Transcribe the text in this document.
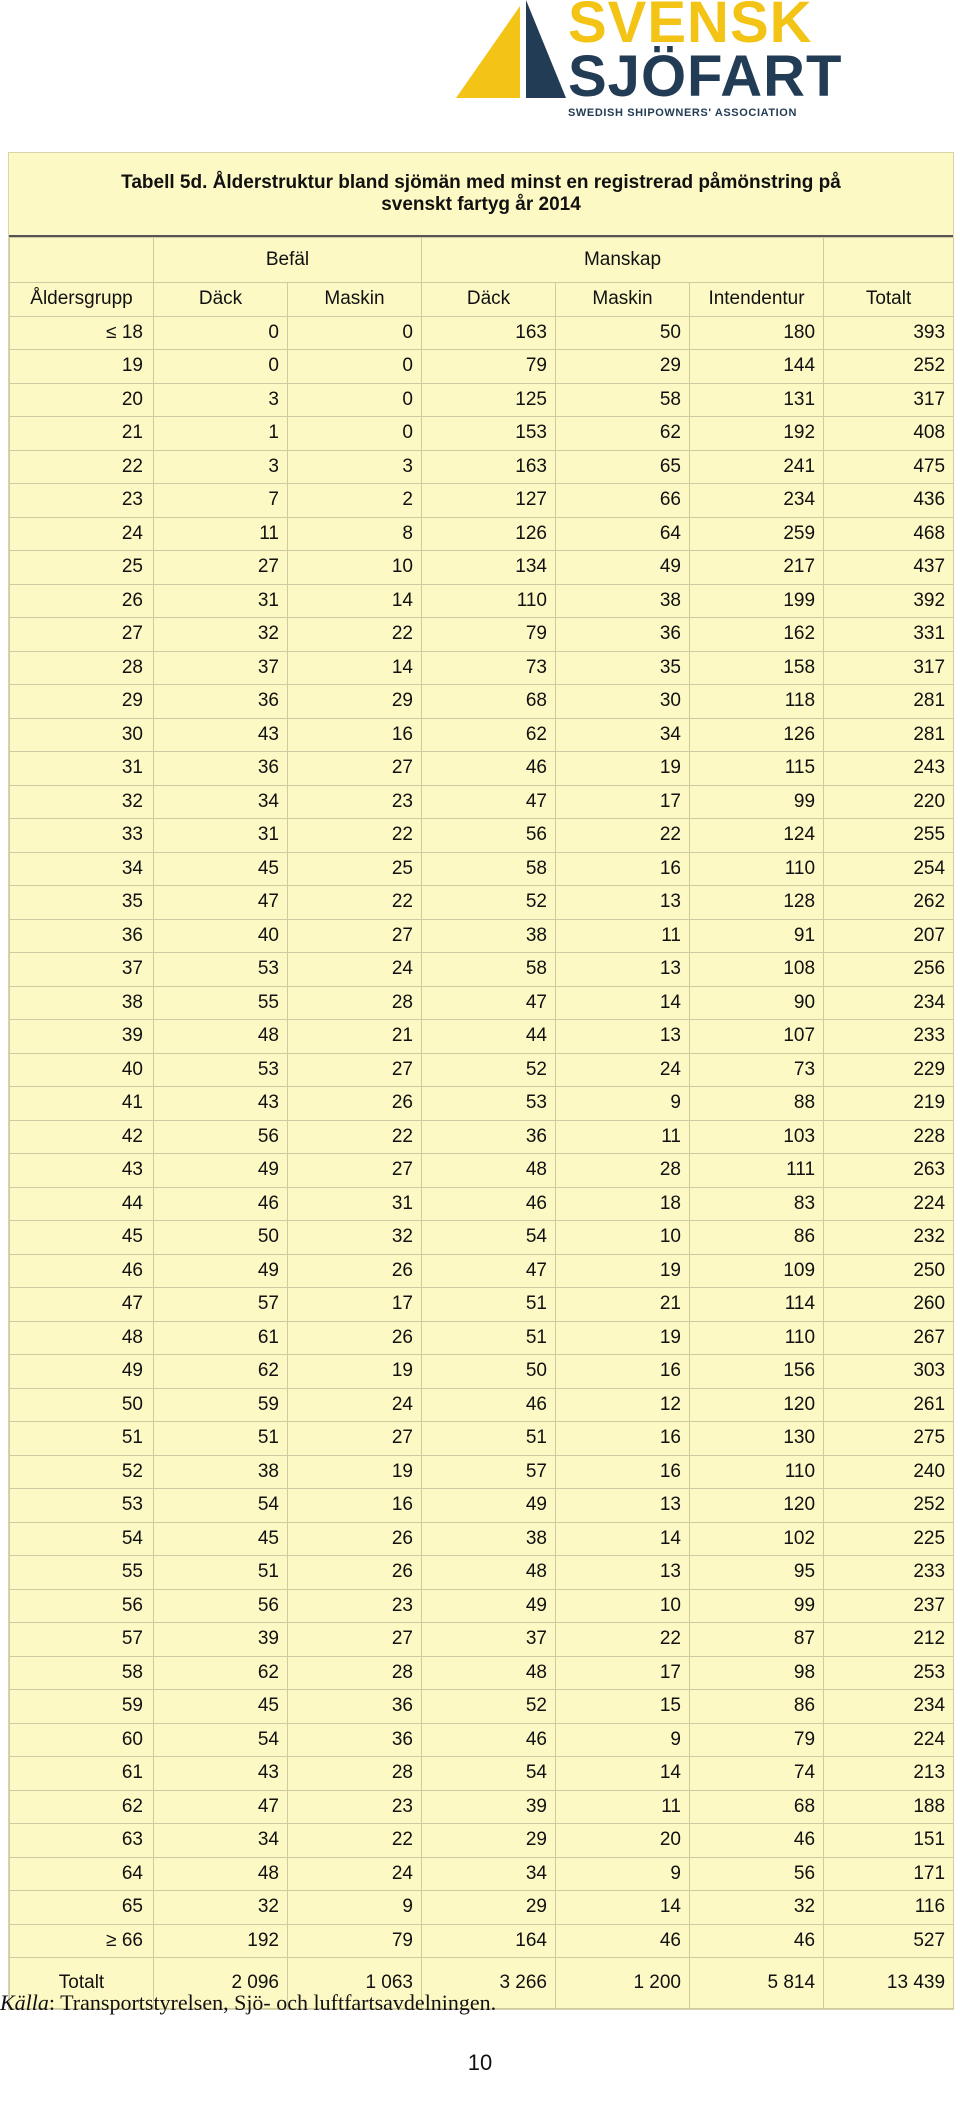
SVENSK
SJÖFART
SWEDISH SHIPOWNERS' ASSOCIATION
Tabell 5d. Ålderstruktur bland sjömän med minst en registrerad påmönstring på
svenskt fartyg år 2014
	Befäl		Manskap			
Åldersgrupp	Däck	Maskin	Däck	Maskin	Intendentur	Totalt
≤ 18	0	0	163	50	180	393
19	0	0	79	29	144	252
20	3	0	125	58	131	317
21	1	0	153	62	192	408
22	3	3	163	65	241	475
23	7	2	127	66	234	436
24	11	8	126	64	259	468
25	27	10	134	49	217	437
26	31	14	110	38	199	392
27	32	22	79	36	162	331
28	37	14	73	35	158	317
29	36	29	68	30	118	281
30	43	16	62	34	126	281
31	36	27	46	19	115	243
32	34	23	47	17	99	220
33	31	22	56	22	124	255
34	45	25	58	16	110	254
35	47	22	52	13	128	262
36	40	27	38	11	91	207
37	53	24	58	13	108	256
38	55	28	47	14	90	234
39	48	21	44	13	107	233
40	53	27	52	24	73	229
41	43	26	53	9	88	219
42	56	22	36	11	103	228
43	49	27	48	28	111	263
44	46	31	46	18	83	224
45	50	32	54	10	86	232
46	49	26	47	19	109	250
47	57	17	51	21	114	260
48	61	26	51	19	110	267
49	62	19	50	16	156	303
50	59	24	46	12	120	261
51	51	27	51	16	130	275
52	38	19	57	16	110	240
53	54	16	49	13	120	252
54	45	26	38	14	102	225
55	51	26	48	13	95	233
56	56	23	49	10	99	237
57	39	27	37	22	87	212
58	62	28	48	17	98	253
59	45	36	52	15	86	234
60	54	36	46	9	79	224
61	43	28	54	14	74	213
62	47	23	39	11	68	188
63	34	22	29	20	46	151
64	48	24	34	9	56	171
65	32	9	29	14	32	116
≥ 66	192	79	164	46	46	527
Totalt	2 096	1 063	3 266	1 200	5 814	13 439
Källa: Transportstyrelsen, Sjö- och luftfartsavdelningen.
10
